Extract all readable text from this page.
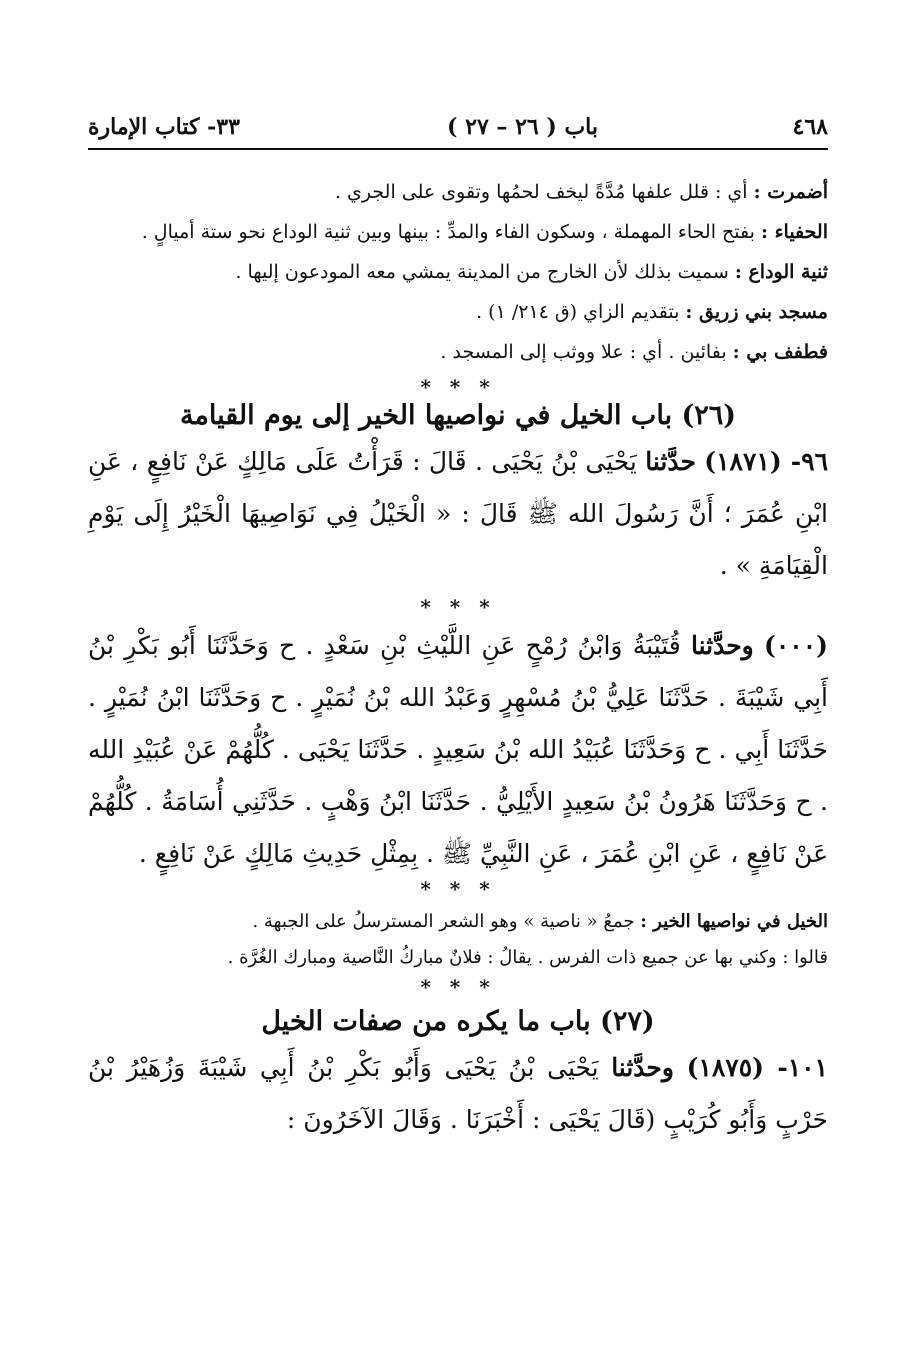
٤٦٨
باب ( ٢٦ – ٢٧ )
٣٣- كتاب الإمارة

أضمرت : أي : قلل علفها مُدَّةً ليخف لحمُها وتقوى على الجري .

الحفياء : بفتح الحاء المهملة ، وسكون الفاء والمدِّ : بينها وبين ثنية الوداع نحو ستة أميالٍ .

ثنية الوداع : سميت بذلك لأن الخارج من المدينة يمشي معه المودعون إليها .

مسجد بني زريق : بتقديم الزاي (ق ٢١٤/ ١) .

فطفف بي : بفائين . أي : علا ووثب إلى المسجد .

* * *

(٢٦) باب الخيل في نواصيها الخير إلى يوم القيامة

٩٦- (١٨٧١) حدَّثنا يَحْيَى بْنُ يَحْيَى . قَالَ : قَرَأْتُ عَلَى مَالِكٍ عَنْ نَافِعٍ ، عَنِ ابْنِ عُمَرَ ؛ أَنَّ رَسُولَ الله ﷺ قَالَ : « الْخَيْلُ فِي نَوَاصِيهَا الْخَيْرُ إِلَى يَوْمِ الْقِيَامَةِ » .

* * *

(٠٠٠) وحدَّثنا قُتَيْبَةُ وَابْنُ رُمْحٍ عَنِ اللَّيْثِ بْنِ سَعْدٍ . ح وَحَدَّثَنَا أَبُو بَكْرِ بْنُ أَبِي شَيْبَةَ . حَدَّثَنَا عَلِيُّ بْنُ مُسْهِرٍ وَعَبْدُ الله بْنُ نُمَيْرٍ . ح وَحَدَّثَنَا ابْنُ نُمَيْرٍ . حَدَّثَنَا أَبِي . ح وَحَدَّثَنَا عُبَيْدُ الله بْنُ سَعِيدٍ . حَدَّثَنَا يَحْيَى . كُلُّهُمْ عَنْ عُبَيْدِ الله . ح وَحَدَّثَنَا هَرُونُ بْنُ سَعِيدٍ الأَيْلِيُّ . حَدَّثَنَا ابْنُ وَهْبٍ . حَدَّثَنِي أُسَامَةُ . كُلُّهُمْ عَنْ نَافِعٍ ، عَنِ ابْنِ عُمَرَ ، عَنِ النَّبِيِّ ﷺ . بِمِثْلِ حَدِيثِ مَالِكٍ عَنْ نَافِعٍ .

* * *

الخيل في نواصيها الخير : جمعُ « ناصية » وهو الشعر المسترسلُ على الجبهة .

قالوا : وكني بها عن جميع ذات الفرس . يقالُ : فلانٌ مباركُ النَّاصية ومبارك الغُرَّة .

* * *

(٢٧) باب ما يكره من صفات الخيل

١٠١- (١٨٧٥) وحدَّثنا يَحْيَى بْنُ يَحْيَى وَأَبُو بَكْرِ بْنُ أَبِي شَيْبَةَ وَزُهَيْرُ بْنُ حَرْبٍ وَأَبُو كُرَيْبٍ (قَالَ يَحْيَى : أَخْبَرَنَا . وَقَالَ الآخَرُونَ :
